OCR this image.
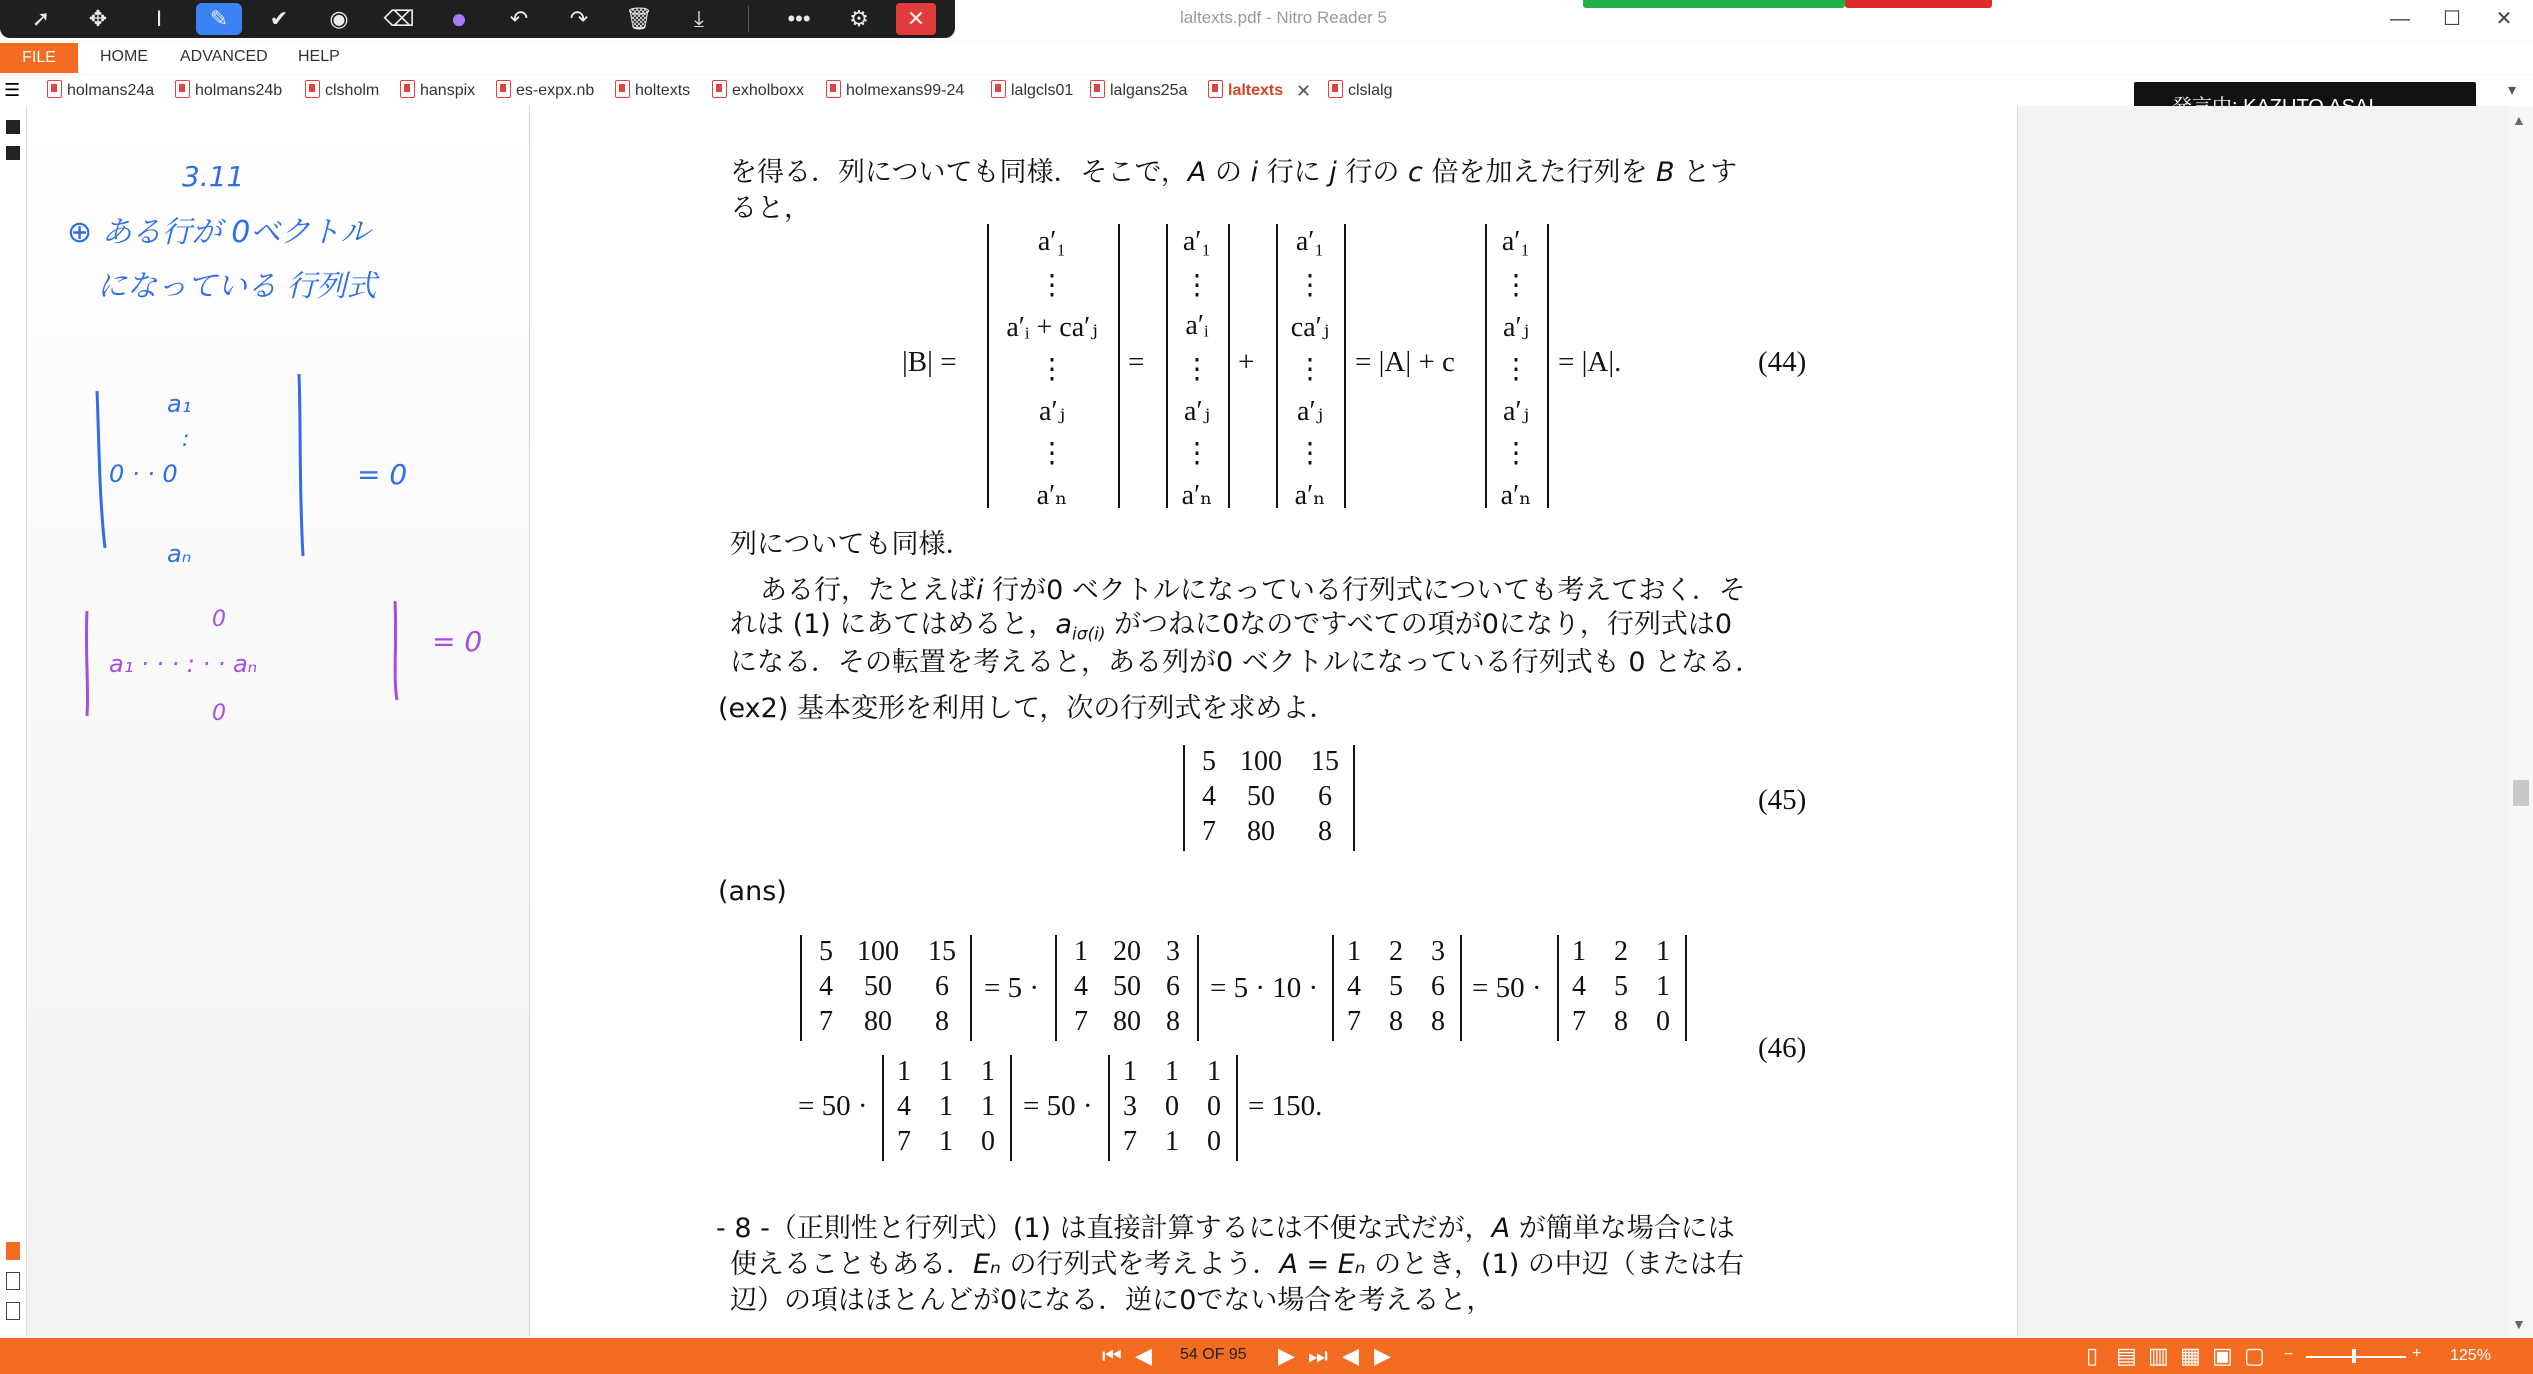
laltexts.pdf - Nitro Reader 5	—	☐	✕
➚	✥	I	✎	✔	◉	⌫	●	↶	↷	🗑	⤓	•••	⚙	✕
FILE	HOME ADVANCED HELP
☰	holmans24a	holmans24b	clsholm	hanspix	es-expx.nb	holtexts	exholboxx	holmexans99-24	lalgcls01	lalgans25a	laltexts ✕	clslalg	▾
3.11
⊕ ある行が 0ベクトル
になっている 行列式
a₁
:
0 · · 0
aₙ
= 0
0
a₁ · · · : · · aₙ
0
= 0
▲
▼
を得る．列についても同様．そこで，A の i 行に j 行の c 倍を加えた行列を B とす
ると，
|B| =
a′₁
⋮
a′ᵢ + ca′ⱼ
⋮
a′ⱼ
⋮
a′ₙ
=
a′₁
⋮
a′ᵢ
⋮
a′ⱼ
⋮
a′ₙ
+
a′₁
⋮
ca′ⱼ
⋮
a′ⱼ
⋮
a′ₙ
= |A| + c
a′₁
⋮
a′ⱼ
⋮
a′ⱼ
⋮
a′ₙ
= |A|.	(44)
列についても同様．
ある行，たとえばi 行が0 ベクトルになっている行列式についても考えておく．そ
れは (1) にあてはめると，$a_{i\sigma(i)}$ がつねに0なのですべての項が0になり，行列式は0
になる．その転置を考えると，ある列が0 ベクトルになっている行列式も 0 となる．
(ex2) 基本変形を利用して，次の行列式を求めよ．
5 100	15
4	50	6
7	80	8
(45)
(ans)
5 100	15
4	50	6
7	80	8
= 5 ·
1 20 3
4 50 6
7 80 8
= 5 · 10 ·
1	2	3
4	5	6
7	8	8
= 50 ·
1	2	1
4	5	1
7	8	0
(46)
= 50 ·
1	1	1
4	1	1
7	1	0
= 50 ·
1	1	1
3	0	0
7	1	0
= 150.
- 8 -（正則性と行列式）(1) は直接計算するには不便な式だが，A が簡単な場合には
使えることもある．Eₙ の行列式を考えよう．A = Eₙ のとき，(1) の中辺（または右
辺）の項はほとんどが0になる．逆に0でない場合を考えると，
⏮ ◀ 54 OF 95 ▶ ⏭ ◀ ▶	▯ ▤ ▥ ▦ ▣ ▢ −	+ 125%
